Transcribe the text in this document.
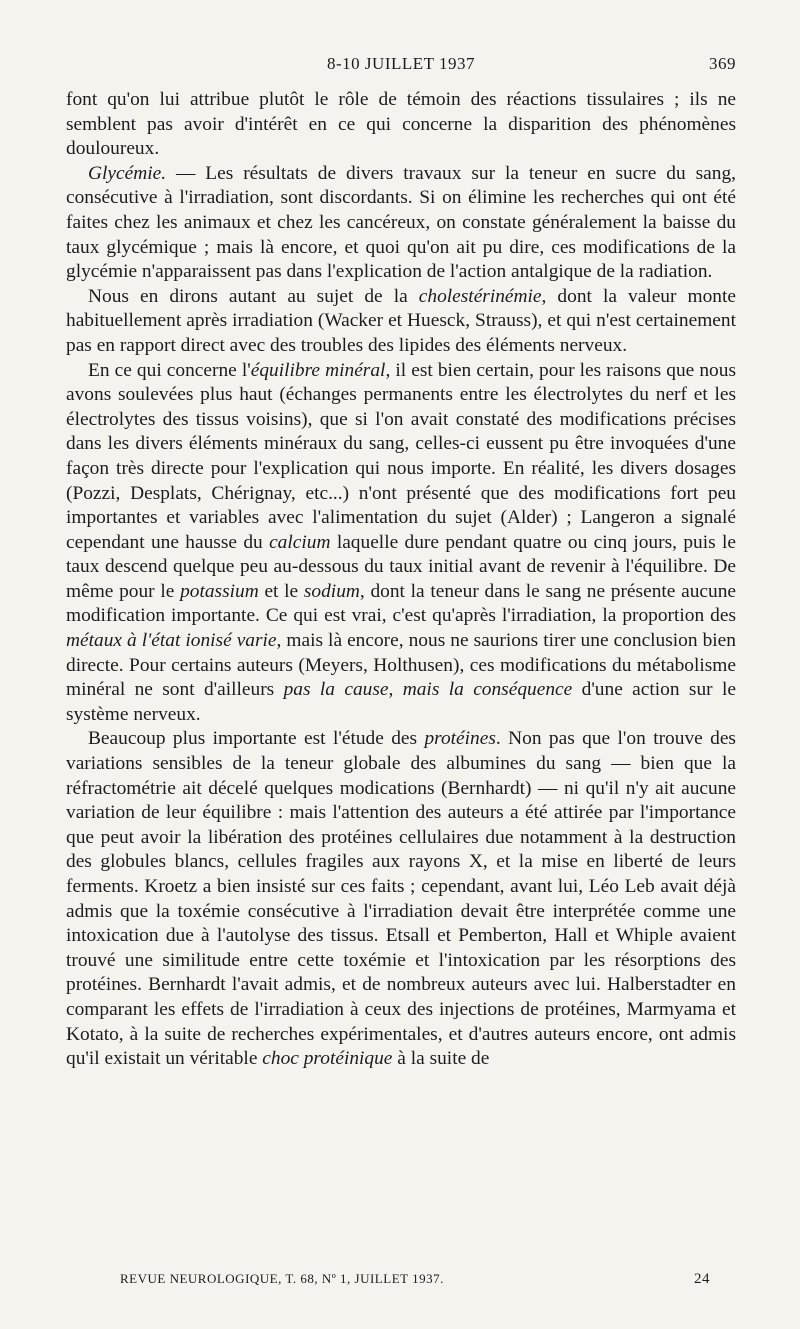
8-10 JUILLET 1937	369

font qu'on lui attribue plutôt le rôle de témoin des réactions tissulaires ; ils ne semblent pas avoir d'intérêt en ce qui concerne la disparition des phénomènes douloureux.

Glycémie. — Les résultats de divers travaux sur la teneur en sucre du sang, consécutive à l'irradiation, sont discordants. Si on élimine les recherches qui ont été faites chez les animaux et chez les cancéreux, on constate généralement la baisse du taux glycémique ; mais là encore, et quoi qu'on ait pu dire, ces modifications de la glycémie n'apparaissent pas dans l'explication de l'action antalgique de la radiation.

Nous en dirons autant au sujet de la cholestérinémie, dont la valeur monte habituellement après irradiation (Wacker et Huesck, Strauss), et qui n'est certainement pas en rapport direct avec des troubles des lipides des éléments nerveux.

En ce qui concerne l'équilibre minéral, il est bien certain, pour les raisons que nous avons soulevées plus haut (échanges permanents entre les électrolytes du nerf et les électrolytes des tissus voisins), que si l'on avait constaté des modifications précises dans les divers éléments minéraux du sang, celles-ci eussent pu être invoquées d'une façon très directe pour l'explication qui nous importe. En réalité, les divers dosages (Pozzi, Desplats, Chérignay, etc...) n'ont présenté que des modifications fort peu importantes et variables avec l'alimentation du sujet (Alder) ; Langeron a signalé cependant une hausse du calcium laquelle dure pendant quatre ou cinq jours, puis le taux descend quelque peu au-dessous du taux initial avant de revenir à l'équilibre. De même pour le potassium et le sodium, dont la teneur dans le sang ne présente aucune modification importante. Ce qui est vrai, c'est qu'après l'irradiation, la proportion des métaux à l'état ionisé varie, mais là encore, nous ne saurions tirer une conclusion bien directe. Pour certains auteurs (Meyers, Holthusen), ces modifications du métabolisme minéral ne sont d'ailleurs pas la cause, mais la conséquence d'une action sur le système nerveux.

Beaucoup plus importante est l'étude des protéines. Non pas que l'on trouve des variations sensibles de la teneur globale des albumines du sang — bien que la réfractométrie ait décelé quelques modications (Bernhardt) — ni qu'il n'y ait aucune variation de leur équilibre : mais l'attention des auteurs a été attirée par l'importance que peut avoir la libération des protéines cellulaires due notamment à la destruction des globules blancs, cellules fragiles aux rayons X, et la mise en liberté de leurs ferments. Kroetz a bien insisté sur ces faits ; cependant, avant lui, Léo Leb avait déjà admis que la toxémie consécutive à l'irradiation devait être interprétée comme une intoxication due à l'autolyse des tissus. Etsall et Pemberton, Hall et Whiple avaient trouvé une similitude entre cette toxémie et l'intoxication par les résorptions des protéines. Bernhardt l'avait admis, et de nombreux auteurs avec lui. Halberstadter en comparant les effets de l'irradiation à ceux des injections de protéines, Marmyama et Kotato, à la suite de recherches expérimentales, et d'autres auteurs encore, ont admis qu'il existait un véritable choc protéinique à la suite de

REVUE NEUROLOGIQUE, T. 68, Nº 1, JUILLET 1937.	24
